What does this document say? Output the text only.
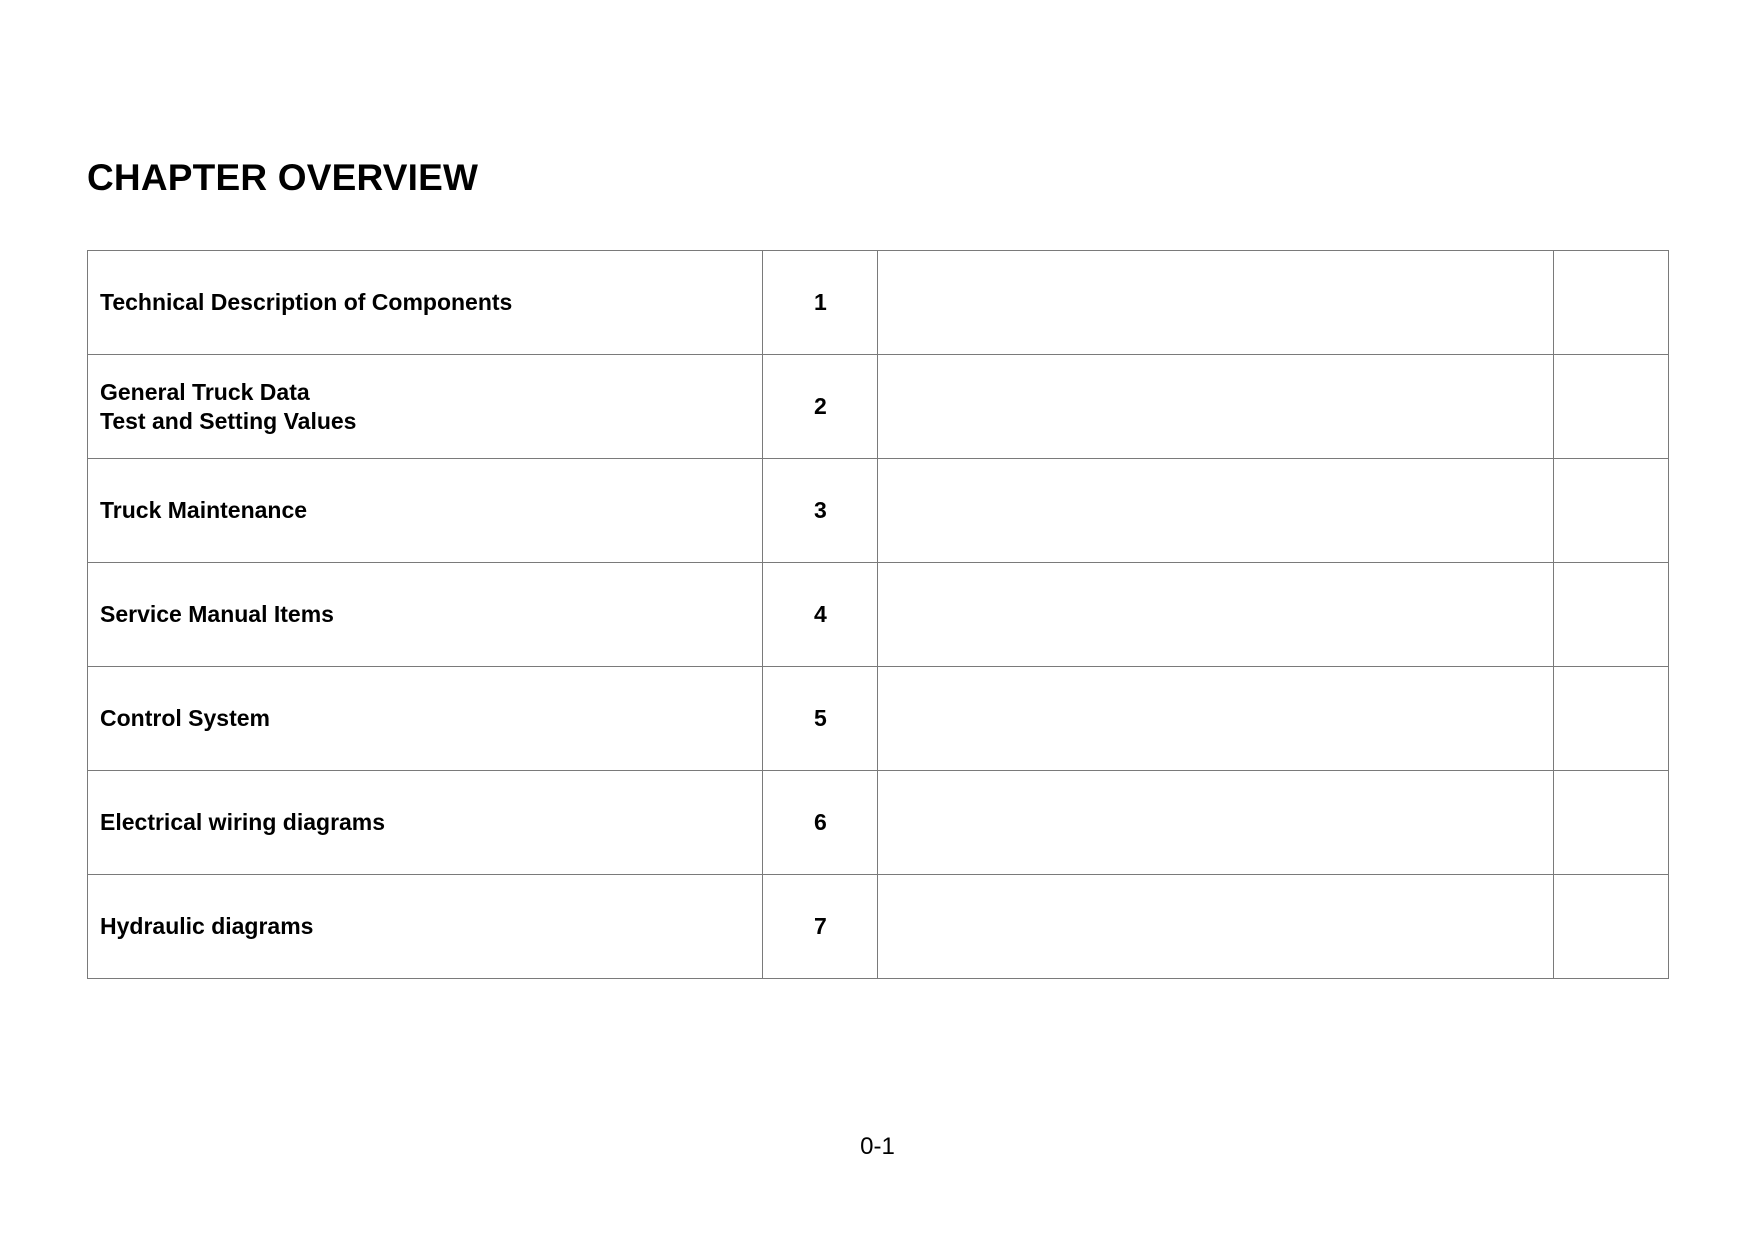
CHAPTER OVERVIEW
Technical Description of Components	1		

General Truck Data
Test and Setting Values	2		

Truck Maintenance	3		

Service Manual Items	4		

Control System	5		

Electrical wiring diagrams	6		

Hydraulic diagrams	7		
0-1
